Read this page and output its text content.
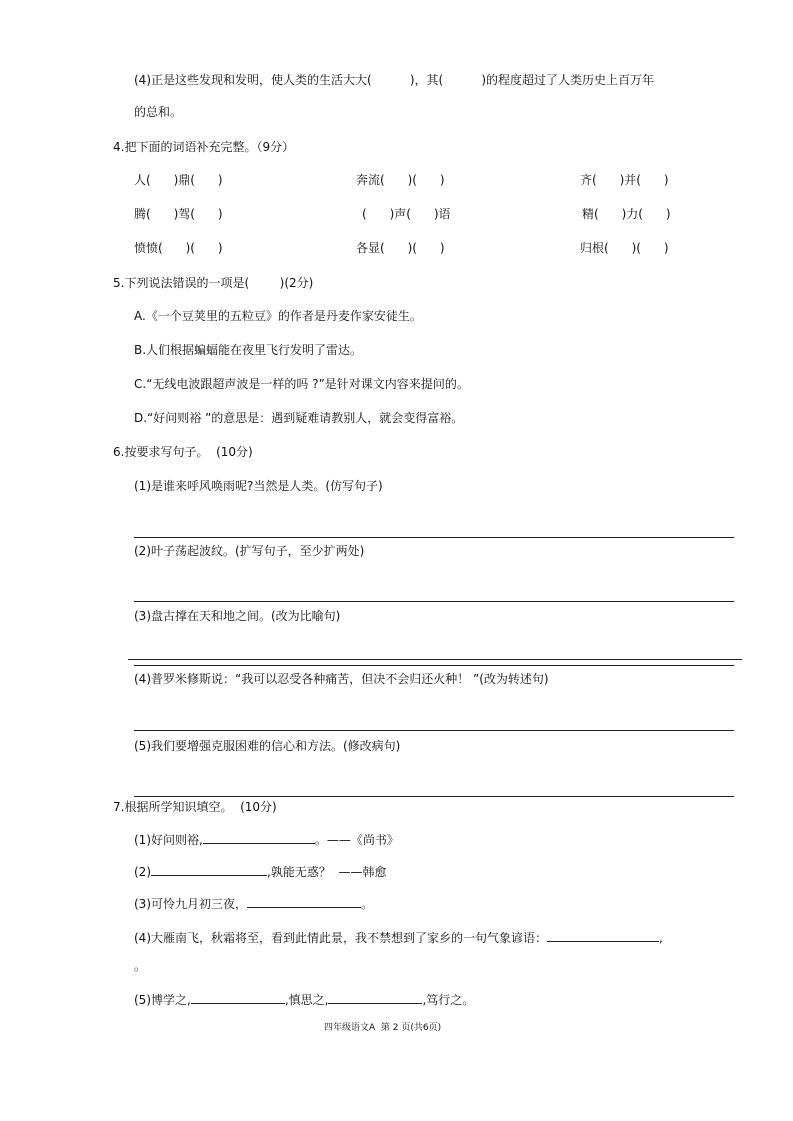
(4)正是这些发现和发明，使人类的生活大大(          )，其(          )的程度超过了人类历史上百万年
的总和。
4.把下面的词语补充完整。（9分）
人(      )鼎(      )	奔流(      )(      )	齐(      )并(      )
腾(      )驾(      )	(      )声(      )语	精(      )力(      )
愤愤(      )(      )	各显(      )(      )	归根(      )(      )
5.下列说法错误的一项是(        )(2分)
A.《一个豆荚里的五粒豆》的作者是丹麦作家安徒生。
B.人们根据蝙蝠能在夜里飞行发明了雷达。
C.“无线电波跟超声波是一样的吗 ?”是针对课文内容来提问的。
D.“好问则裕 ”的意思是：遇到疑难请教别人，就会变得富裕。
6.按要求写句子。  (10分)
(1)是谁来呼风唤雨呢?当然是人类。(仿写句子)
(2)叶子荡起波纹。(扩写句子，至少扩两处)
(3)盘古撑在天和地之间。(改为比喻句)
(4)普罗米修斯说：“我可以忍受各种痛苦，但决不会归还火种！ ”(改为转述句)
(5)我们要增强克服困难的信心和方法。(修改病句)
7.根据所学知识填空。  (10分)
(1)好问则裕,	。——《尚书》
(2)	,孰能无惑？  ——韩愈
(3)可怜九月初三夜，	。
(4)大雁南飞，秋霜将至，看到此情此景，我不禁想到了家乡的一句气象谚语：	,
。
(5)博学之,	,慎思之,	,笃行之。
四年级语文A  第 2 页(共6页)
